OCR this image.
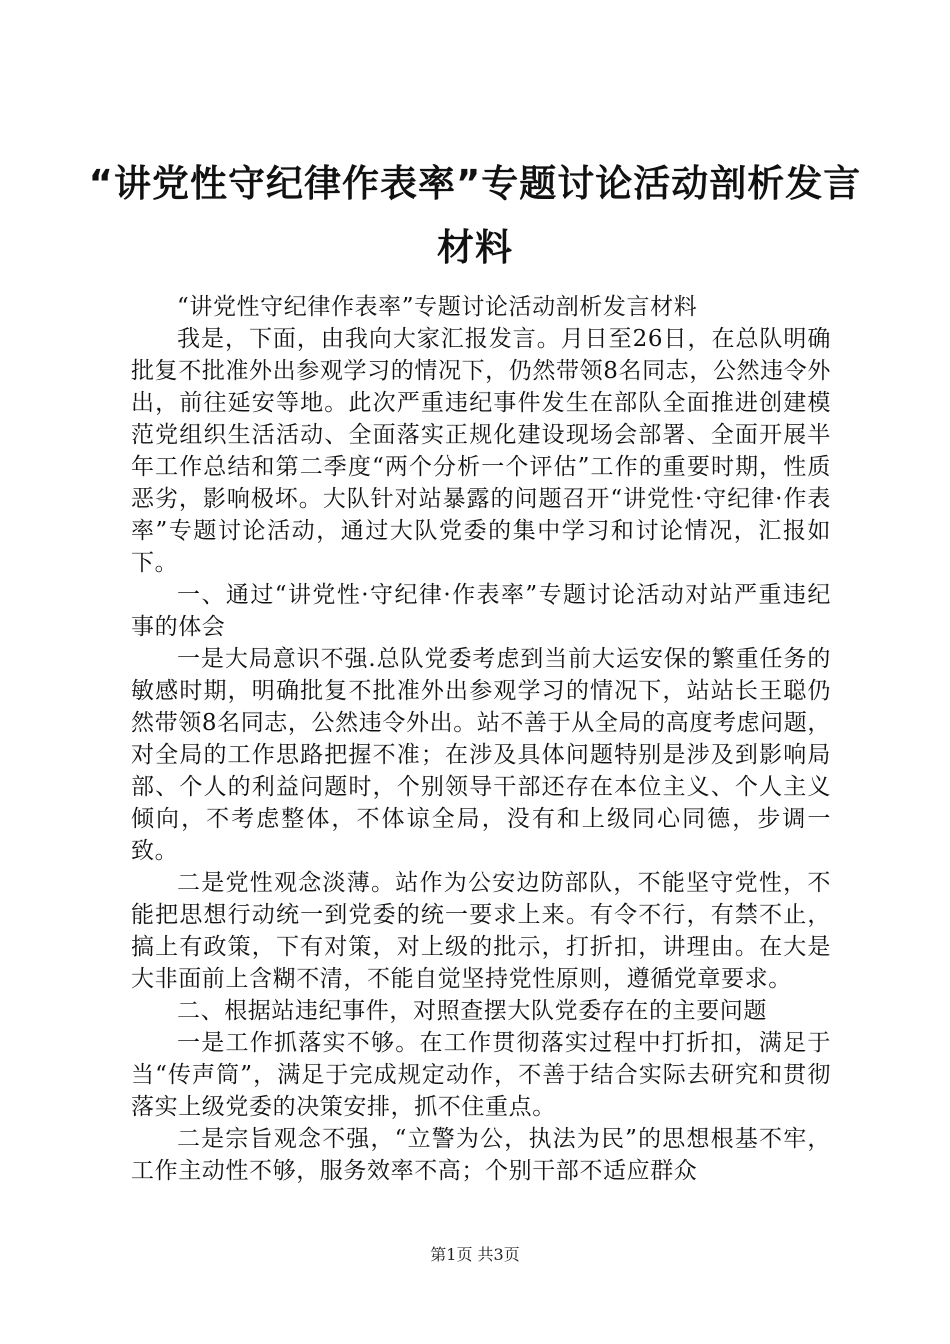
“讲党性守纪律作表率”专题讨论活动剖析发言材料

“讲党性守纪律作表率”专题讨论活动剖析发言材料

我是，下面，由我向大家汇报发言。月日至26日，在总队明确批复不批准外出参观学习的情况下，仍然带领8名同志，公然违令外出，前往延安等地。此次严重违纪事件发生在部队全面推进创建模范党组织生活活动、全面落实正规化建设现场会部署、全面开展半年工作总结和第二季度“两个分析一个评估”工作的重要时期，性质恶劣，影响极坏。大队针对站暴露的问题召开“讲党性·守纪律·作表率”专题讨论活动，通过大队党委的集中学习和讨论情况，汇报如下。

一、通过“讲党性·守纪律·作表率”专题讨论活动对站严重违纪事的体会

一是大局意识不强.总队党委考虑到当前大运安保的繁重任务的敏感时期，明确批复不批准外出参观学习的情况下，站站长王聪仍然带领8名同志，公然违令外出。站不善于从全局的高度考虑问题，对全局的工作思路把握不准；在涉及具体问题特别是涉及到影响局部、个人的利益问题时，个别领导干部还存在本位主义、个人主义倾向，不考虑整体，不体谅全局，没有和上级同心同德，步调一致。

二是党性观念淡薄。站作为公安边防部队，不能坚守党性，不能把思想行动统一到党委的统一要求上来。有令不行，有禁不止，搞上有政策，下有对策，对上级的批示，打折扣，讲理由。在大是大非面前上含糊不清，不能自觉坚持党性原则，遵循党章要求。

二、根据站违纪事件，对照查摆大队党委存在的主要问题

一是工作抓落实不够。在工作贯彻落实过程中打折扣，满足于当“传声筒”，满足于完成规定动作，不善于结合实际去研究和贯彻落实上级党委的决策安排，抓不住重点。

二是宗旨观念不强，“立警为公，执法为民”的思想根基不牢，工作主动性不够，服务效率不高；个别干部不适应群众

第1页 共3页
